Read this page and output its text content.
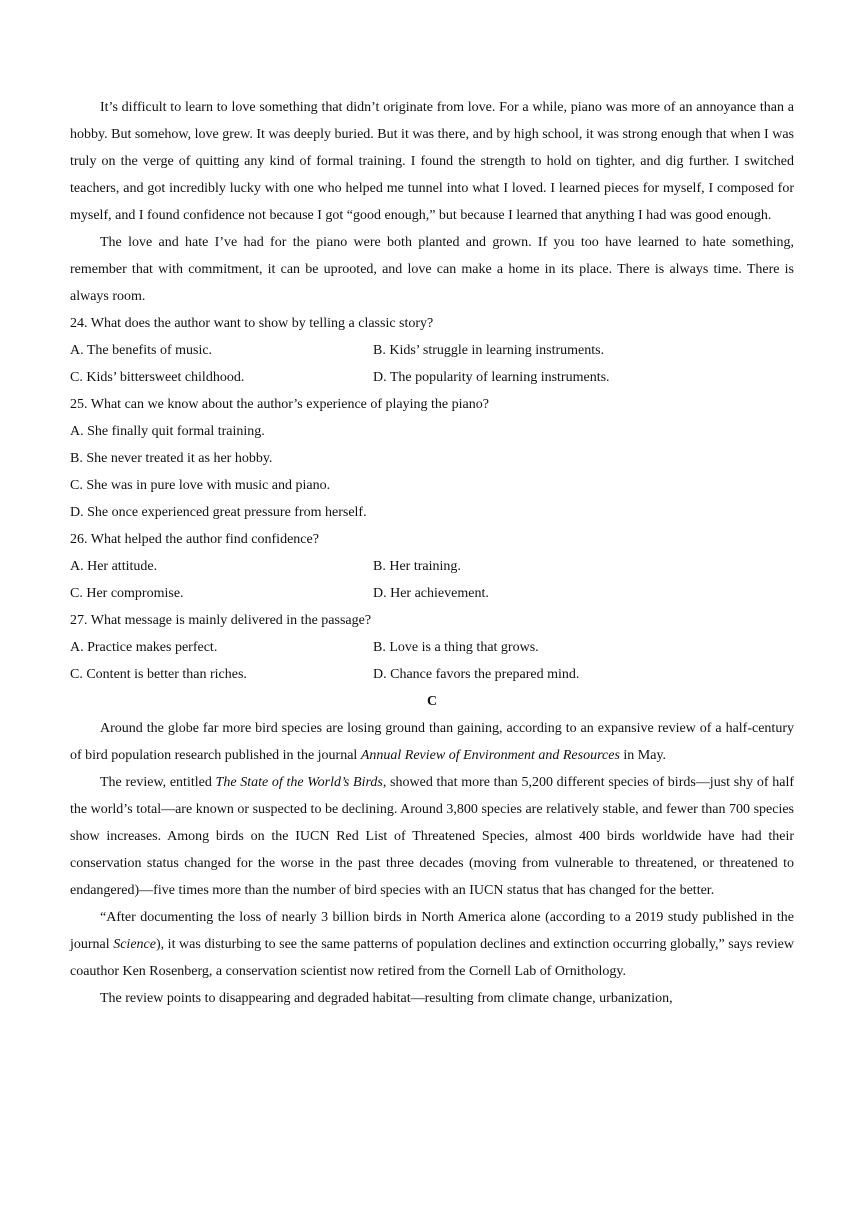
It’s difficult to learn to love something that didn’t originate from love. For a while, piano was more of an annoyance than a hobby. But somehow, love grew. It was deeply buried. But it was there, and by high school, it was strong enough that when I was truly on the verge of quitting any kind of formal training. I found the strength to hold on tighter, and dig further. I switched teachers, and got incredibly lucky with one who helped me tunnel into what I loved. I learned pieces for myself, I composed for myself, and I found confidence not because I got “good enough,” but because I learned that anything I had was good enough.

The love and hate I’ve had for the piano were both planted and grown. If you too have learned to hate something, remember that with commitment, it can be uprooted, and love can make a home in its place. There is always time. There is always room.

24. What does the author want to show by telling a classic story?

A. The benefits of music.	B. Kids’ struggle in learning instruments.
C. Kids’ bittersweet childhood.	D. The popularity of learning instruments.

25. What can we know about the author’s experience of playing the piano?

A. She finally quit formal training.

B. She never treated it as her hobby.

C. She was in pure love with music and piano.

D. She once experienced great pressure from herself.

26. What helped the author find confidence?

A. Her attitude.	B. Her training.
C. Her compromise.	D. Her achievement.

27. What message is mainly delivered in the passage?

A. Practice makes perfect.	B. Love is a thing that grows.
C. Content is better than riches.	D. Chance favors the prepared mind.

C

Around the globe far more bird species are losing ground than gaining, according to an expansive review of a half-century of bird population research published in the journal Annual Review of Environment and Resources in May.

The review, entitled The State of the World’s Birds, showed that more than 5,200 different species of birds—just shy of half the world’s total—are known or suspected to be declining. Around 3,800 species are relatively stable, and fewer than 700 species show increases. Among birds on the IUCN Red List of Threatened Species, almost 400 birds worldwide have had their conservation status changed for the worse in the past three decades (moving from vulnerable to threatened, or threatened to endangered)—five times more than the number of bird species with an IUCN status that has changed for the better.

“After documenting the loss of nearly 3 billion birds in North America alone (according to a 2019 study published in the journal Science), it was disturbing to see the same patterns of population declines and extinction occurring globally,” says review coauthor Ken Rosenberg, a conservation scientist now retired from the Cornell Lab of Ornithology.

The review points to disappearing and degraded habitat—resulting from climate change, urbanization,
